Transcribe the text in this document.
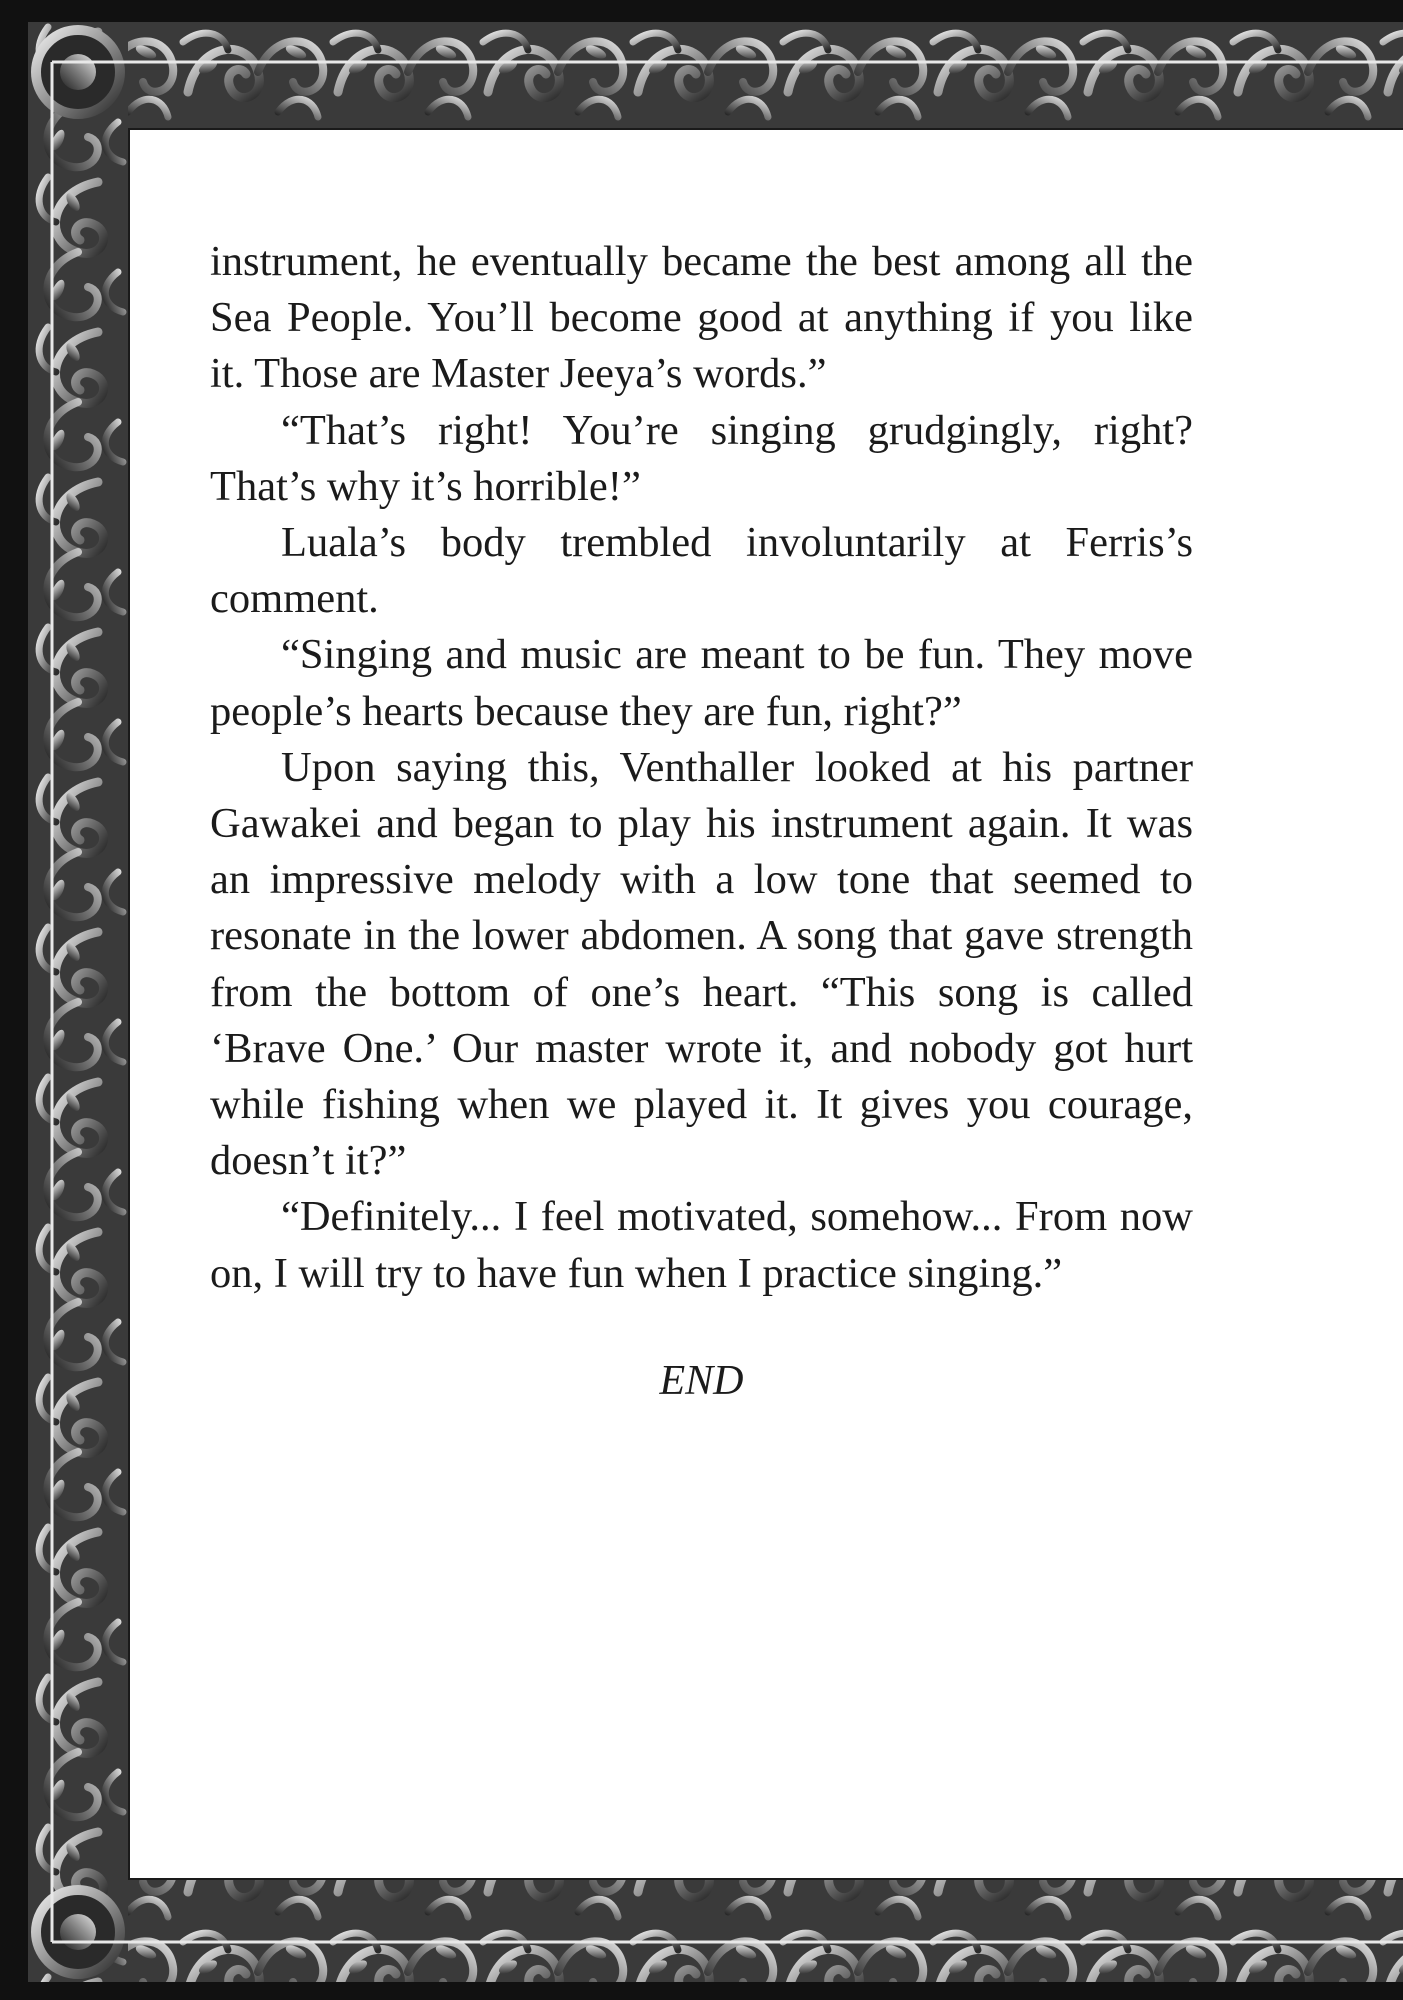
instrument, he eventually became the best among all the Sea People. You’ll become good at anything if you like it. Those are Master Jeeya’s words.”

“That’s right! You’re singing grudgingly, right? That’s why it’s horrible!”

Luala’s body trembled involuntarily at Ferris’s comment.

“Singing and music are meant to be fun. They move people’s hearts because they are fun, right?”

Upon saying this, Venthaller looked at his partner Gawakei and began to play his instrument again. It was an impressive melody with a low tone that seemed to resonate in the lower abdomen. A song that gave strength from the bottom of one’s heart. “This song is called ‘Brave One.’ Our master wrote it, and nobody got hurt while fishing when we played it. It gives you courage, doesn’t it?”

“Definitely... I feel motivated, somehow... From now on, I will try to have fun when I practice singing.”

END
